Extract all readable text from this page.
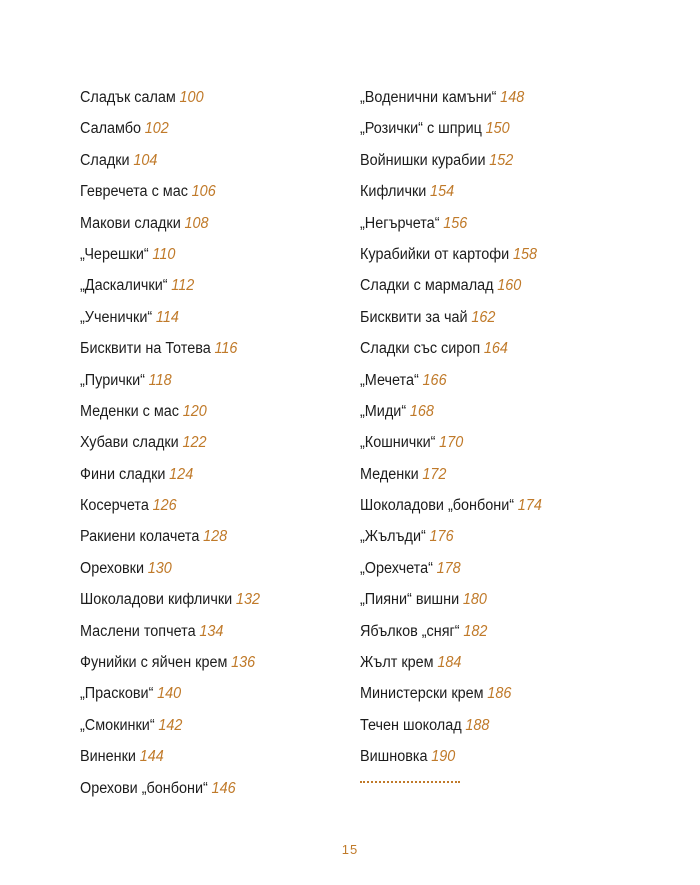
Сладък салам 100
Саламбо 102
Сладки 104
Гевречета с мас 106
Макови сладки 108
„Черешки“ 110
„Даскалички“ 112
„Ученички“ 114
Бисквити на Тотева 116
„Пурички“ 118
Меденки с мас 120
Хубави сладки 122
Фини сладки 124
Косерчета 126
Ракиени колачета 128
Ореховки 130
Шоколадови кифлички 132
Маслени топчета 134
Фунийки с яйчен крем 136
„Праскови“ 140
„Смокинки“ 142
Виненки 144
Орехови „бонбони“ 146
„Воденични камъни“ 148
„Розички“ с шприц 150
Войнишки курабии 152
Кифлички 154
„Негърчета“ 156
Курабийки от картофи 158
Сладки с мармалад 160
Бисквити за чай 162
Сладки със сироп 164
„Мечета“ 166
„Миди“ 168
„Кошнички“ 170
Меденки 172
Шоколадови „бонбони“ 174
„Жълъди“ 176
„Орехчета“ 178
„Пияни“ вишни 180
Ябълков „сняг“ 182
Жълт крем 184
Министерски крем 186
Течен шоколад 188
Вишновка 190
15
